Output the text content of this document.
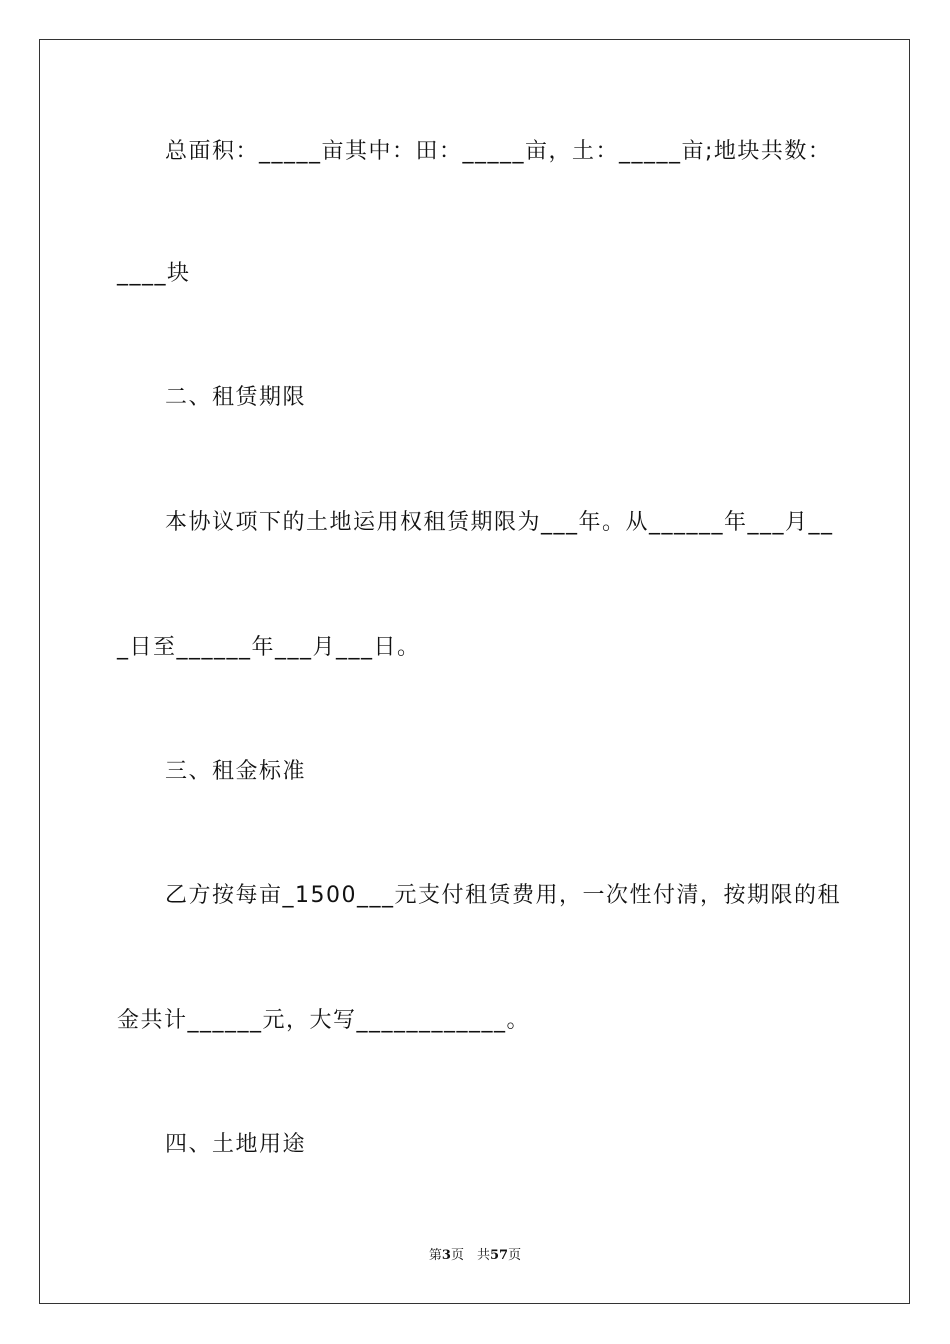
总面积：_____亩其中：田：_____亩，土：_____亩;地块共数：
____块
二、租赁期限
本协议项下的土地运用权租赁期限为___年。从______年___月__
_日至______年___月___日。
三、租金标准
乙方按每亩_1500___元支付租赁费用，一次性付清，按期限的租
金共计______元，大写____________。
四、土地用途
第3页　共57页
